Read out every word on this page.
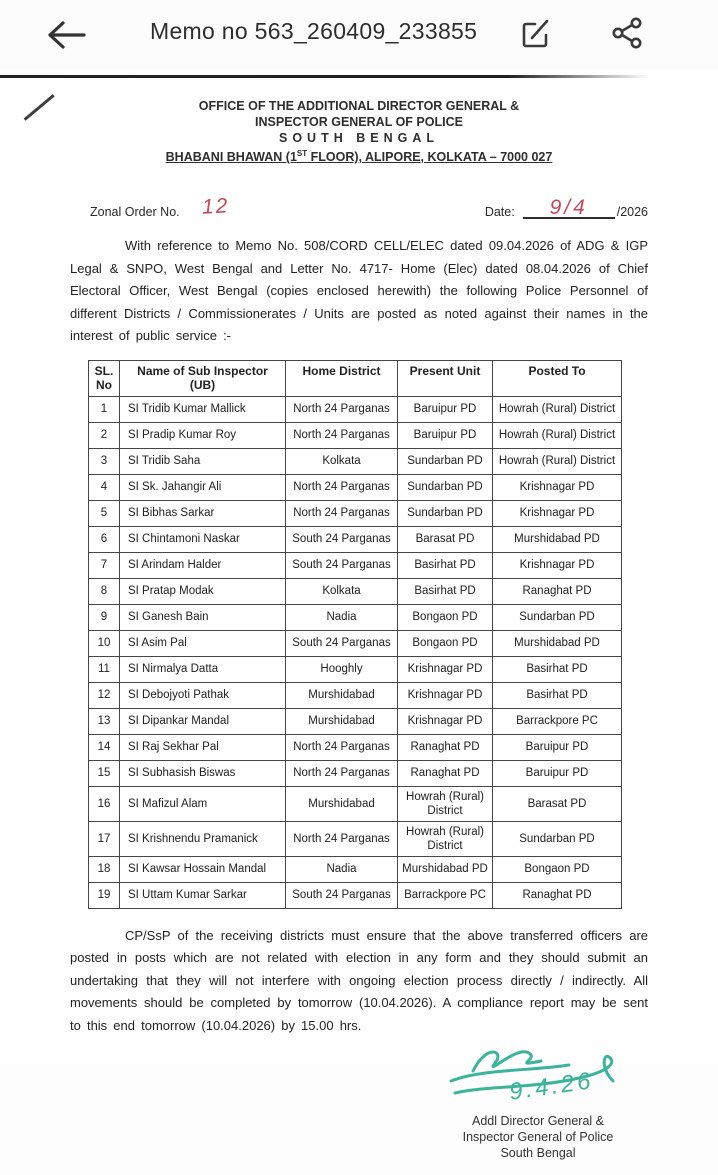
Memo no 563_260409_233855
OFFICE OF THE ADDITIONAL DIRECTOR GENERAL &
INSPECTOR GENERAL OF POLICE
SOUTH BENGAL
BHABANI BHAWAN (1ST FLOOR), ALIPORE, KOLKATA – 7000 027
Zonal Order No. 12	Date:	9/4	/2026

With reference to Memo No. 508/CORD CELL/ELEC dated 09.04.2026 of ADG & IGP Legal & SNPO, West Bengal and Letter No. 4717- Home (Elec) dated 08.04.2026 of Chief Electoral Officer, West Bengal (copies enclosed herewith) the following Police Personnel of different Districts / Commissionerates / Units are posted as noted against their names in the interest of public service :-

SL. No	Name of Sub Inspector (UB)	Home District	Present Unit	Posted To
1	SI Tridib Kumar Mallick	North 24 Parganas	Baruipur PD	Howrah (Rural) District
2	SI Pradip Kumar Roy	North 24 Parganas	Baruipur PD	Howrah (Rural) District
3	SI Tridib Saha	Kolkata	Sundarban PD	Howrah (Rural) District
4	SI Sk. Jahangir Ali	North 24 Parganas	Sundarban PD	Krishnagar PD
5	SI Bibhas Sarkar	North 24 Parganas	Sundarban PD	Krishnagar PD
6	SI Chintamoni Naskar	South 24 Parganas	Barasat PD	Murshidabad PD
7	SI Arindam Halder	South 24 Parganas	Basirhat PD	Krishnagar PD
8	SI Pratap Modak	Kolkata	Basirhat PD	Ranaghat PD
9	SI Ganesh Bain	Nadia	Bongaon PD	Sundarban PD
10	SI Asim Pal	South 24 Parganas	Bongaon PD	Murshidabad PD
11	SI Nirmalya Datta	Hooghly	Krishnagar PD	Basirhat PD
12	SI Debojyoti Pathak	Murshidabad	Krishnagar PD	Basirhat PD
13	SI Dipankar Mandal	Murshidabad	Krishnagar PD	Barrackpore PC
14	SI Raj Sekhar Pal	North 24 Parganas	Ranaghat PD	Baruipur PD
15	SI Subhasish Biswas	North 24 Parganas	Ranaghat PD	Baruipur PD
16	SI Mafizul Alam	Murshidabad	Howrah (Rural) District	Barasat PD
17	SI Krishnendu Pramanick	North 24 Parganas	Howrah (Rural) District	Sundarban PD
18	SI Kawsar Hossain Mandal	Nadia	Murshidabad PD	Bongaon PD
19	SI Uttam Kumar Sarkar	South 24 Parganas	Barrackpore PC	Ranaghat PD

CP/SsP of the receiving districts must ensure that the above transferred officers are posted in posts which are not related with election in any form and they should submit an undertaking that they will not interfere with ongoing election process directly / indirectly. All movements should be completed by tomorrow (10.04.2026). A compliance report may be sent to this end tomorrow (10.04.2026) by 15.00 hrs.

9.4.26
Addl Director General &
Inspector General of Police
South Bengal
